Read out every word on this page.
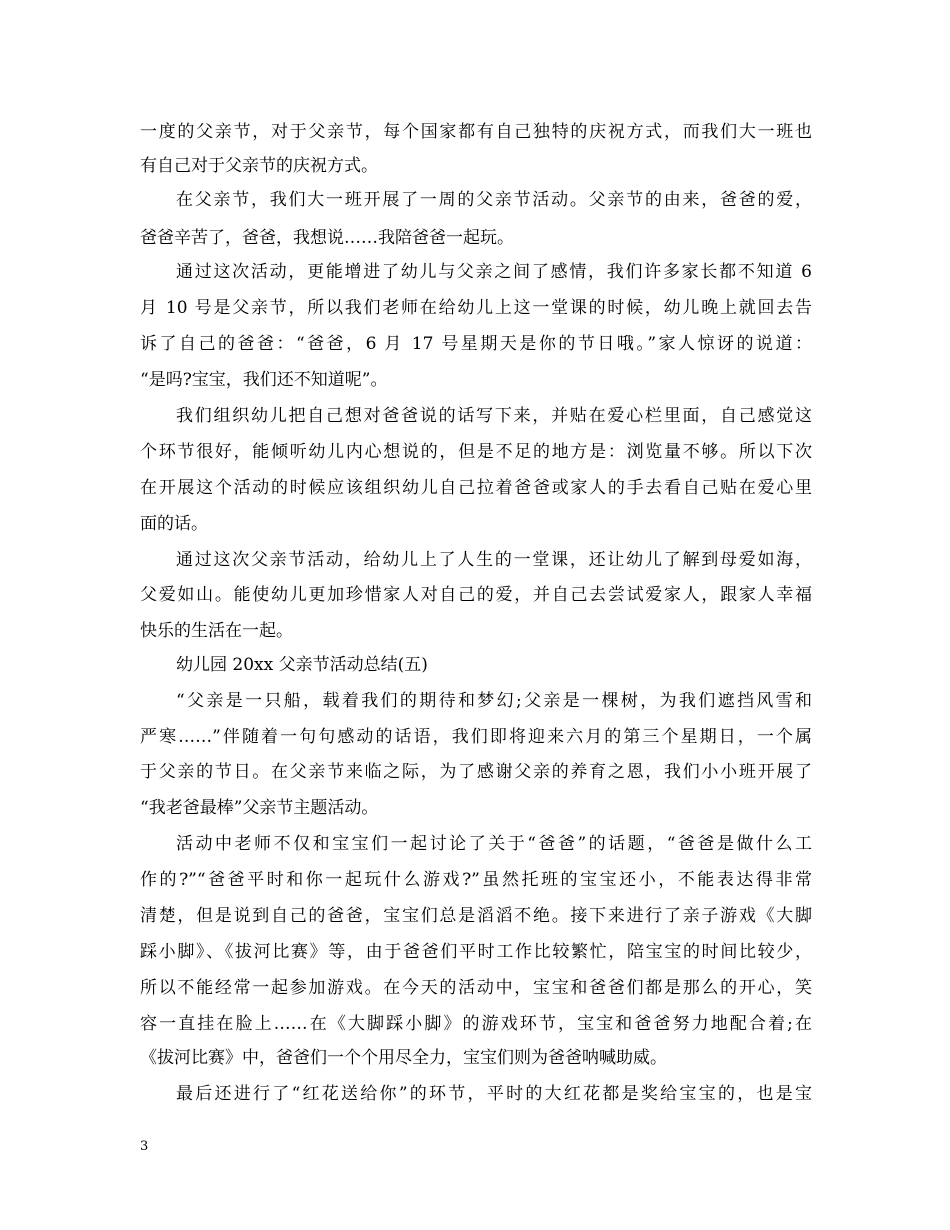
一度的父亲节，对于父亲节，每个国家都有自己独特的庆祝方式，而我们大一班也
有自己对于父亲节的庆祝方式。
在父亲节，我们大一班开展了一周的父亲节活动。父亲节的由来，爸爸的爱，
爸爸辛苦了，爸爸，我想说……我陪爸爸一起玩。
通过这次活动，更能增进了幼儿与父亲之间了感情，我们许多家长都不知道 6
月 10 号是父亲节，所以我们老师在给幼儿上这一堂课的时候，幼儿晚上就回去告
诉了自己的爸爸：“爸爸，6 月 17 号星期天是你的节日哦。”家人惊讶的说道：
“是吗?宝宝，我们还不知道呢”。
我们组织幼儿把自己想对爸爸说的话写下来，并贴在爱心栏里面，自己感觉这
个环节很好，能倾听幼儿内心想说的，但是不足的地方是：浏览量不够。所以下次
在开展这个活动的时候应该组织幼儿自己拉着爸爸或家人的手去看自己贴在爱心里
面的话。
通过这次父亲节活动，给幼儿上了人生的一堂课，还让幼儿了解到母爱如海，
父爱如山。能使幼儿更加珍惜家人对自己的爱，并自己去尝试爱家人，跟家人幸福
快乐的生活在一起。
幼儿园 20xx 父亲节活动总结(五)
“父亲是一只船，载着我们的期待和梦幻;父亲是一棵树，为我们遮挡风雪和
严寒……”伴随着一句句感动的话语，我们即将迎来六月的第三个星期日，一个属
于父亲的节日。在父亲节来临之际，为了感谢父亲的养育之恩，我们小小班开展了
“我老爸最棒”父亲节主题活动。
活动中老师不仅和宝宝们一起讨论了关于“爸爸”的话题，“爸爸是做什么工
作的?”“爸爸平时和你一起玩什么游戏?”虽然托班的宝宝还小，不能表达得非常
清楚，但是说到自己的爸爸，宝宝们总是滔滔不绝。接下来进行了亲子游戏《大脚
踩小脚》、《拔河比赛》等，由于爸爸们平时工作比较繁忙，陪宝宝的时间比较少，
所以不能经常一起参加游戏。在今天的活动中，宝宝和爸爸们都是那么的开心，笑
容一直挂在脸上……在《大脚踩小脚》的游戏环节，宝宝和爸爸努力地配合着;在
《拔河比赛》中，爸爸们一个个用尽全力，宝宝们则为爸爸呐喊助威。
最后还进行了“红花送给你”的环节，平时的大红花都是奖给宝宝的，也是宝
3
